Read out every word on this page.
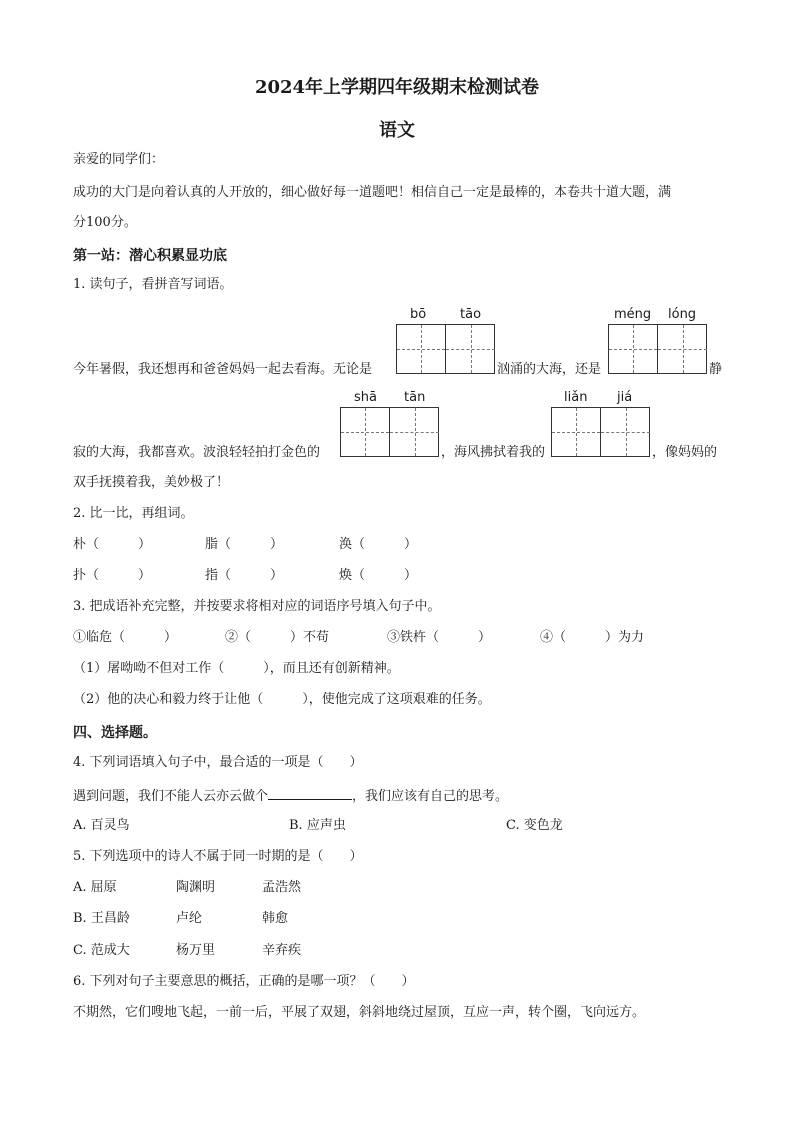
2024年上学期四年级期末检测试卷
语文
亲爱的同学们：
成功的大门是向着认真的人开放的，细心做好每一道题吧！相信自己一定是最棒的，本卷共十道大题，满
分100分。
第一站：潜心积累显功底
1. 读句子，看拼音写词语。
bō	tāo	méng lóng
今年暑假，我还想再和爸爸妈妈一起去看海。无论是	汹涌的大海，还是	静
shā tān	liǎn jiá
寂的大海，我都喜欢。波浪轻轻拍打金色的	，海风拂拭着我的	，像妈妈的
双手抚摸着我，美妙极了！
2. 比一比，再组词。
朴（　　　）	脂（　　　）	涣（　　　）
扑（　　　）	指（　　　）	焕（　　　）
3. 把成语补充完整，并按要求将相对应的词语序号填入句子中。
①临危（　　　）	②（　　　）不苟	③铁杵（　　　）	④（　　　）为力
（1）屠呦呦不但对工作（　　　），而且还有创新精神。
（2）他的决心和毅力终于让他（　　　），使他完成了这项艰难的任务。
四、选择题。
4. 下列词语填入句子中，最合适的一项是（　　）
遇到问题，我们不能人云亦云做个	，我们应该有自己的思考。
A. 百灵鸟	B. 应声虫	C. 变色龙
5. 下列选项中的诗人不属于同一时期的是（　　）
A. 屈原	陶渊明	孟浩然
B. 王昌龄	卢纶	韩愈
C. 范成大	杨万里	辛弃疾
6. 下列对句子主要意思的概括，正确的是哪一项？（　　）
不期然，它们嗖地飞起，一前一后，平展了双翅，斜斜地绕过屋顶，互应一声，转个圈，飞向远方。
